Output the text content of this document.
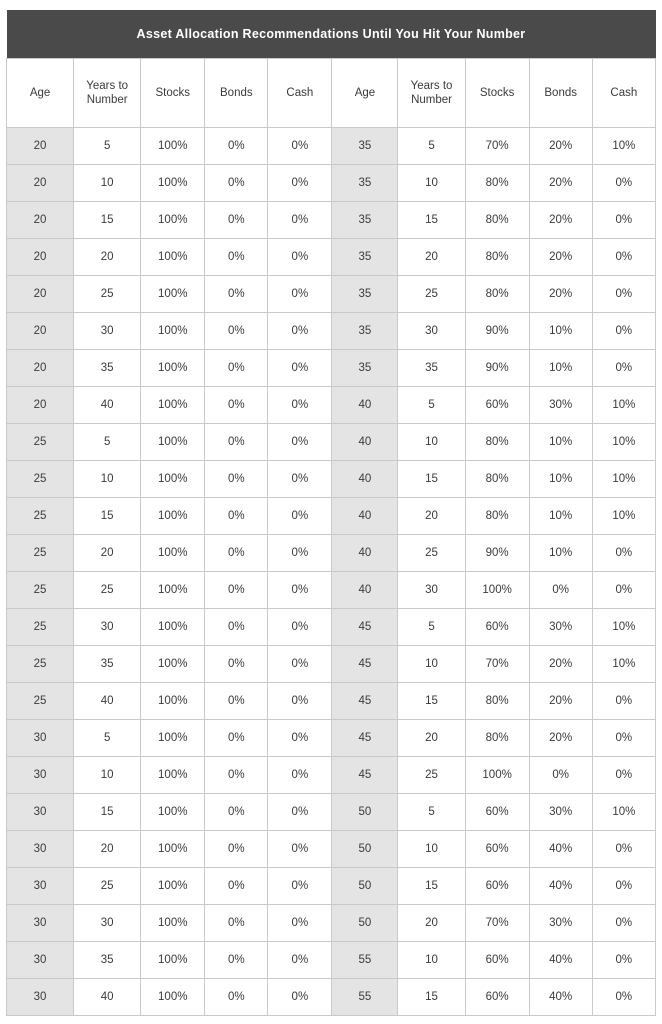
Asset Allocation Recommendations Until You Hit Your Number									
Age	Years to Number	Stocks	Bonds	Cash	Age	Years to Number	Stocks	Bonds	Cash
20	5	100%	0%	0%	35	5	70%	20%	10%
20	10	100%	0%	0%	35	10	80%	20%	0%
20	15	100%	0%	0%	35	15	80%	20%	0%
20	20	100%	0%	0%	35	20	80%	20%	0%
20	25	100%	0%	0%	35	25	80%	20%	0%
20	30	100%	0%	0%	35	30	90%	10%	0%
20	35	100%	0%	0%	35	35	90%	10%	0%
20	40	100%	0%	0%	40	5	60%	30%	10%
25	5	100%	0%	0%	40	10	80%	10%	10%
25	10	100%	0%	0%	40	15	80%	10%	10%
25	15	100%	0%	0%	40	20	80%	10%	10%
25	20	100%	0%	0%	40	25	90%	10%	0%
25	25	100%	0%	0%	40	30	100%	0%	0%
25	30	100%	0%	0%	45	5	60%	30%	10%
25	35	100%	0%	0%	45	10	70%	20%	10%
25	40	100%	0%	0%	45	15	80%	20%	0%
30	5	100%	0%	0%	45	20	80%	20%	0%
30	10	100%	0%	0%	45	25	100%	0%	0%
30	15	100%	0%	0%	50	5	60%	30%	10%
30	20	100%	0%	0%	50	10	60%	40%	0%
30	25	100%	0%	0%	50	15	60%	40%	0%
30	30	100%	0%	0%	50	20	70%	30%	0%
30	35	100%	0%	0%	55	10	60%	40%	0%
30	40	100%	0%	0%	55	15	60%	40%	0%
